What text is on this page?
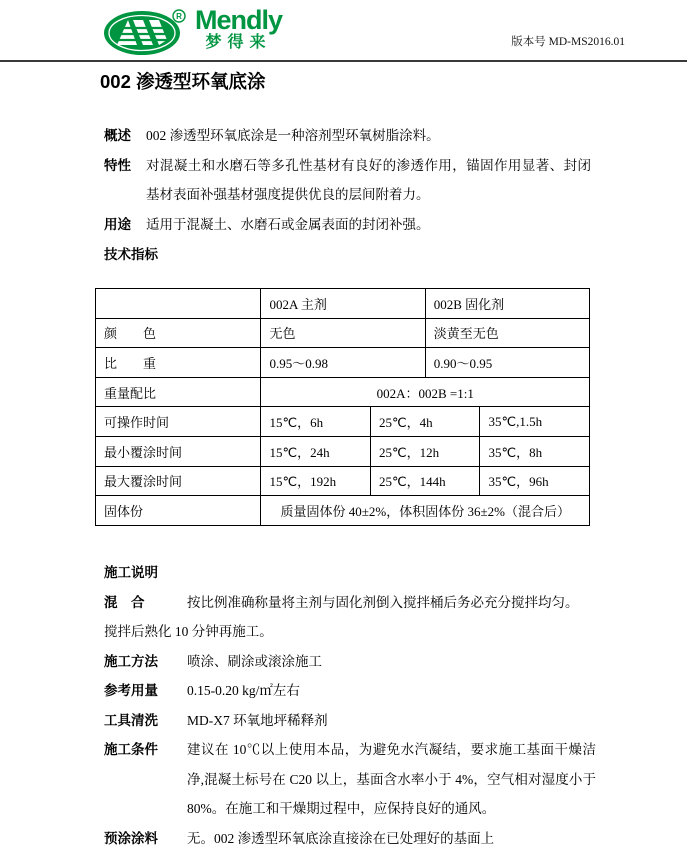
R Mendly
梦得来	版本号 MD-MS2016.01
002 渗透型环氧底涂
概述	002 渗透型环氧底涂是一种溶剂型环氧树脂涂料。
特性	对混凝土和水磨石等多孔性基材有良好的渗透作用，锚固作用显著、封闭基材表面补强基材强度提供优良的层间附着力。
用途	适用于混凝土、水磨石或金属表面的封闭补强。
技术指标
	002A 主剂		002B 固化剂	
颜　　色	无色		淡黄至无色	
比　　重	0.95～0.98		0.90～0.95	
重量配比	002A：002B =1:1			
可操作时间	15℃，6h	25℃，4h		35℃,1.5h
最小覆涂时间	15℃，24h	25℃，12h		35℃，8h
最大覆涂时间	15℃，192h	25℃，144h		35℃，96h
固体份	质量固体份 40±2%，体积固体份 36±2%（混合后）			
施工说明
混　合	按比例准确称量将主剂与固化剂倒入搅拌桶后务必充分搅拌均匀。
搅拌后熟化 10 分钟再施工。
施工方法	喷涂、刷涂或滚涂施工
参考用量	0.15-0.20 kg/㎡左右
工具清洗	MD-X7 环氧地坪稀释剂
施工条件	建议在 10℃以上使用本品，为避免水汽凝结，要求施工基面干燥洁净,混凝土标号在 C20 以上，基面含水率小于 4%，空气相对湿度小于 80%。在施工和干燥期过程中，应保持良好的通风。
预涂涂料	无。002 渗透型环氧底涂直接涂在已处理好的基面上
